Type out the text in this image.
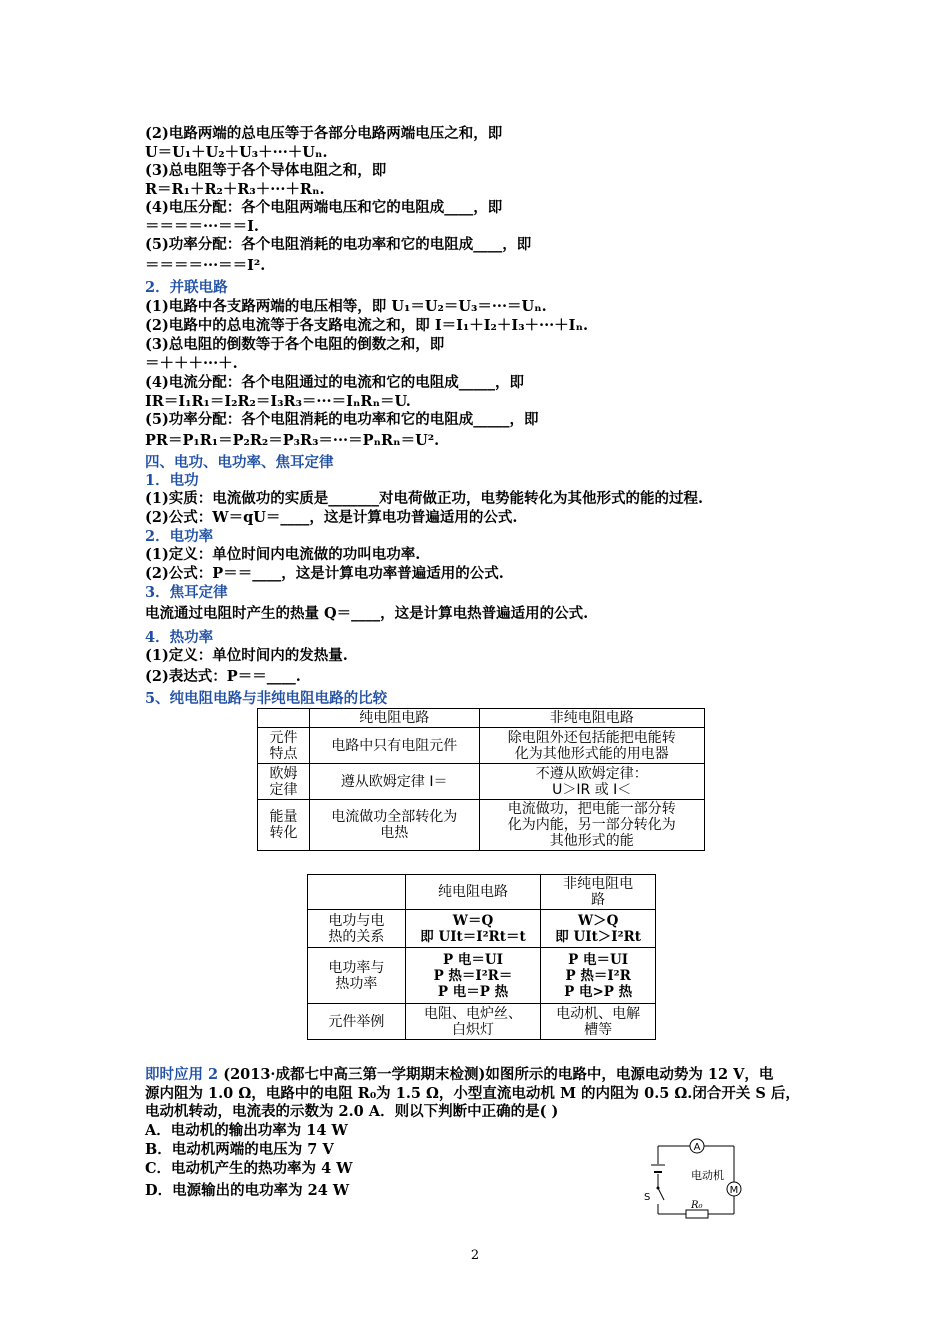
(2)电路两端的总电压等于各部分电路两端电压之和，即
U＝U₁＋U₂＋U₃＋···＋Uₙ.
(3)总电阻等于各个导体电阻之和，即
R＝R₁＋R₂＋R₃＋···＋Rₙ.
(4)电压分配：各个电阻两端电压和它的电阻成____，即
＝＝＝＝···＝＝I.
(5)功率分配：各个电阻消耗的电功率和它的电阻成____，即
＝＝＝＝···＝＝I².
2．并联电路
(1)电路中各支路两端的电压相等，即 U₁＝U₂＝U₃＝···＝Uₙ.
(2)电路中的总电流等于各支路电流之和，即 I＝I₁＋I₂＋I₃＋···＋Iₙ.
(3)总电阻的倒数等于各个电阻的倒数之和，即
＝＋＋＋···＋.
(4)电流分配：各个电阻通过的电流和它的电阻成_____，即
IR＝I₁R₁＝I₂R₂＝I₃R₃＝···＝IₙRₙ＝U.
(5)功率分配：各个电阻消耗的电功率和它的电阻成_____，即
PR＝P₁R₁＝P₂R₂＝P₃R₃＝···＝PₙRₙ＝U².
四、电功、电功率、焦耳定律
1．电功
(1)实质：电流做功的实质是_______对电荷做正功，电势能转化为其他形式的能的过程.
(2)公式：W＝qU＝____，这是计算电功普遍适用的公式.
2．电功率
(1)定义：单位时间内电流做的功叫电功率.
(2)公式：P＝＝____，这是计算电功率普遍适用的公式.
3．焦耳定律
电流通过电阻时产生的热量 Q＝____，这是计算电热普遍适用的公式.
4．热功率
(1)定义：单位时间内的发热量.
(2)表达式：P＝＝____.
5、纯电阻电路与非纯电阻电路的比较
	纯电阻电路	非纯电阻电路
元件
特点	电路中只有电阻元件	除电阻外还包括能把电能转
化为其他形式能的用电器
欧姆
定律	遵从欧姆定律 I＝	不遵从欧姆定律：
U＞IR 或 I＜
能量
转化	电流做功全部转化为
电热	电流做功，把电能一部分转
化为内能，另一部分转化为
其他形式的能
	纯电阻电路	非纯电阻电
路
电功与电
热的关系	W＝Q
即 UIt＝I²Rt＝t	W＞Q
即 UIt＞I²Rt
电功率与
热功率	P 电＝UI
P 热＝I²R＝
P 电＝P 热	P 电＝UI
P 热＝I²R
P 电>P 热
元件举例	电阻、电炉丝、
白炽灯	电动机、电解
槽等
即时应用 2 (2013·成都七中高三第一学期期末检测)如图所示的电路中，电源电动势为 12 V，电
源内阻为 1.0 Ω，电路中的电阻 R₀为 1.5 Ω，小型直流电动机 M 的内阻为 0.5 Ω.闭合开关 S 后，
电动机转动，电流表的示数为 2.0 A．则以下判断中正确的是( )
A．电动机的输出功率为 14 W
B．电动机两端的电压为 7 V
C．电动机产生的热功率为 4 W
D．电源输出的电功率为 24 W
A
M
电动机
S
R₀
2
